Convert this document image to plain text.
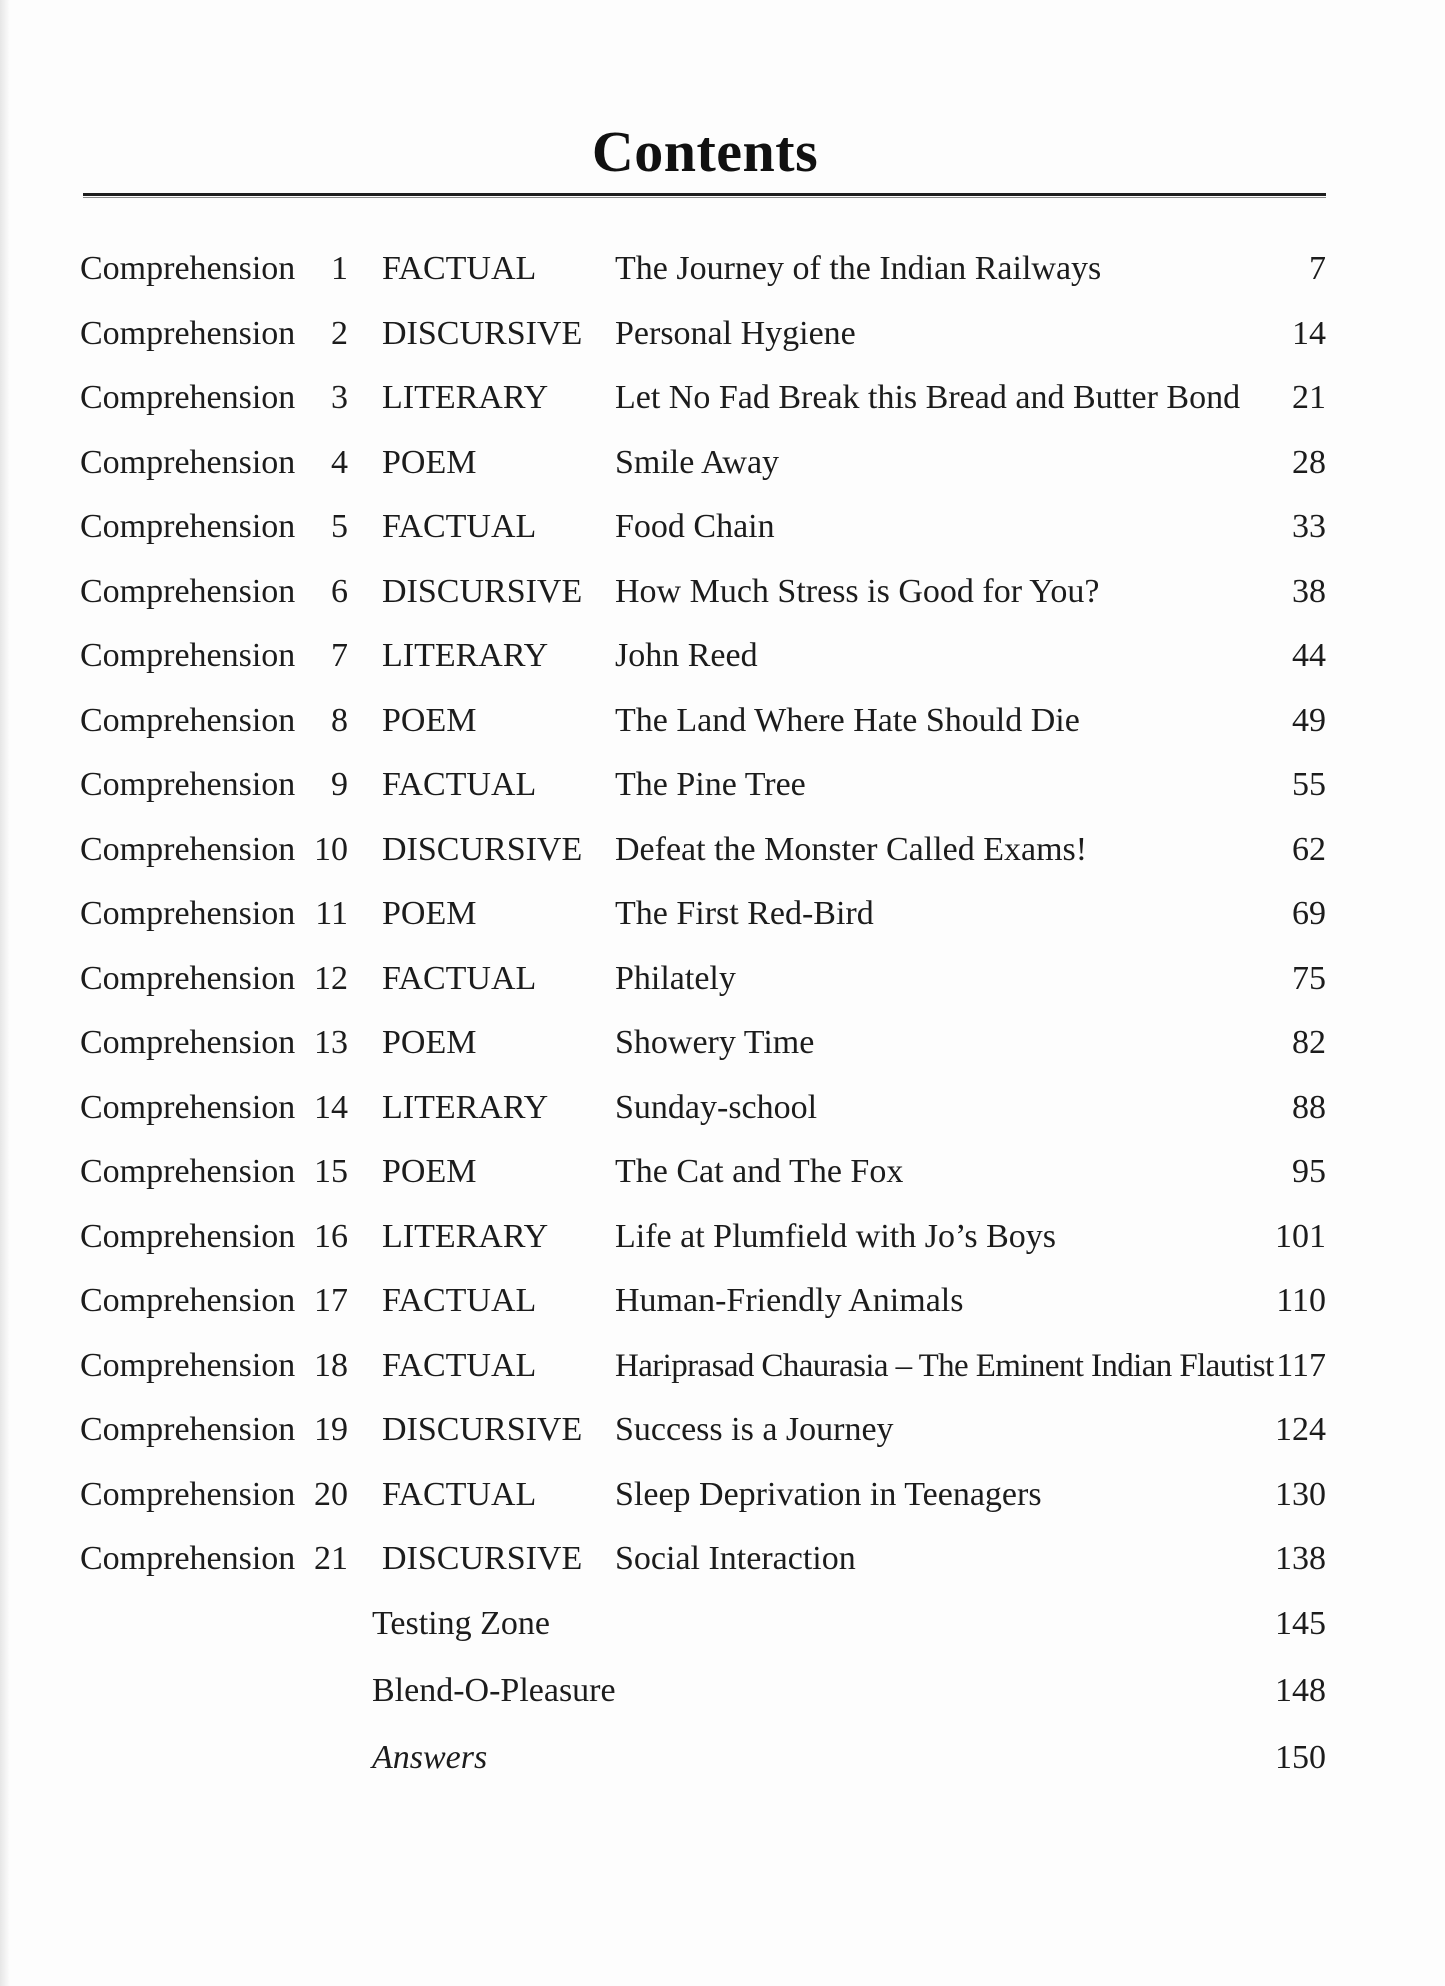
Contents
Comprehension	1 FACTUAL The Journey of the Indian Railways	7
Comprehension	2 DISCURSIVE Personal Hygiene	14
Comprehension	3 LITERARY Let No Fad Break this Bread and Butter Bond	21
Comprehension	4 POEM	Smile Away	28
Comprehension	5 FACTUAL Food Chain	33
Comprehension	6 DISCURSIVE How Much Stress is Good for You?	38
Comprehension	7 LITERARY John Reed	44
Comprehension	8 POEM	The Land Where Hate Should Die	49
Comprehension	9 FACTUAL The Pine Tree	55
Comprehension 10 DISCURSIVE Defeat the Monster Called Exams!	62
Comprehension 11 POEM	The First Red-Bird	69
Comprehension 12 FACTUAL Philately	75
Comprehension 13 POEM	Showery Time	82
Comprehension 14 LITERARY Sunday-school	88
Comprehension 15 POEM	The Cat and The Fox	95
Comprehension 16 LITERARY Life at Plumfield with Jo’s Boys	101
Comprehension 17 FACTUAL Human-Friendly Animals	110
Comprehension 18 FACTUAL Hariprasad Chaurasia – The Eminent Indian Flautist 117
Comprehension 19 DISCURSIVE Success is a Journey	124
Comprehension 20 FACTUAL Sleep Deprivation in Teenagers	130
Comprehension 21 DISCURSIVE Social Interaction	138
Testing Zone	145
Blend-O-Pleasure	148
Answers	150
